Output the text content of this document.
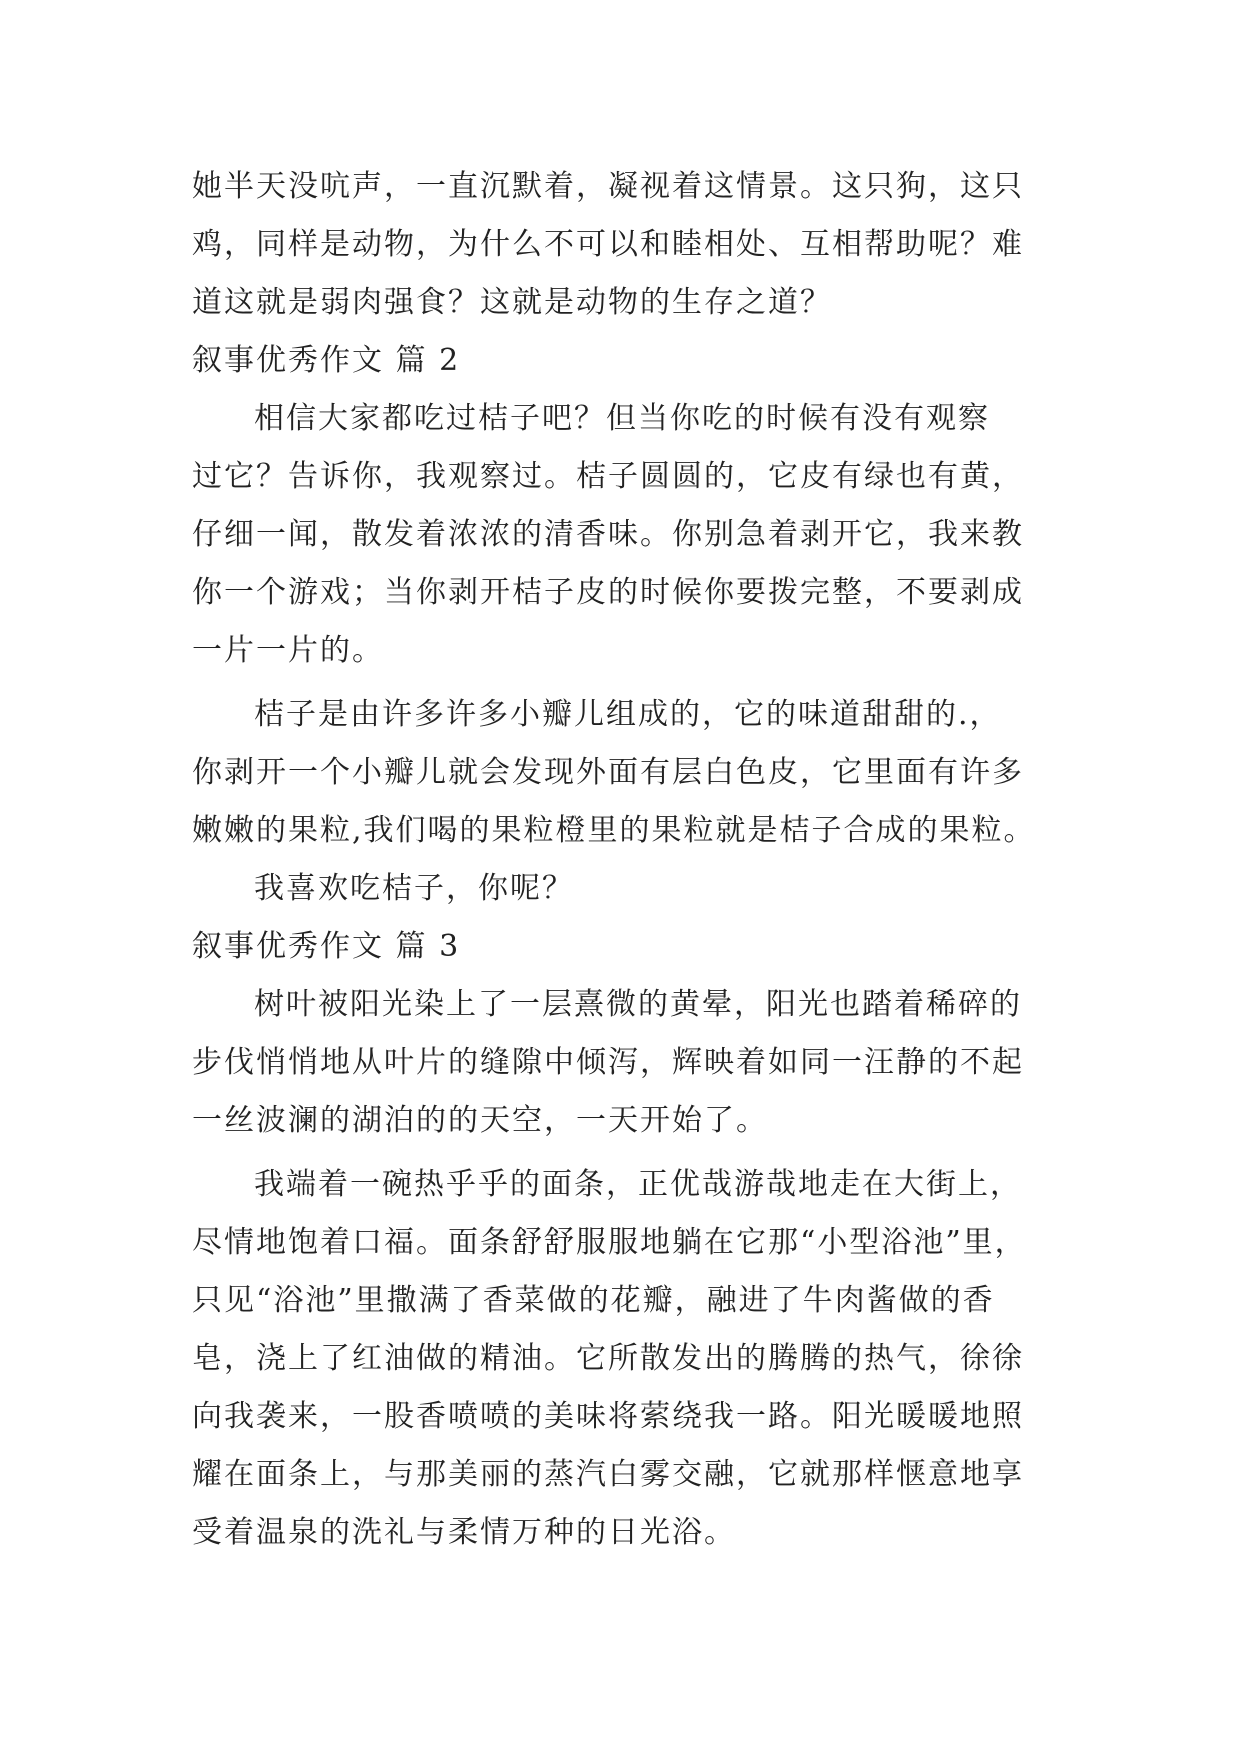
她半天没吭声，一直沉默着，凝视着这情景。这只狗，这只
鸡，同样是动物，为什么不可以和睦相处、互相帮助呢？难
道这就是弱肉强食？这就是动物的生存之道？
叙事优秀作文 篇 2
相信大家都吃过桔子吧？但当你吃的时候有没有观察
过它？告诉你，我观察过。桔子圆圆的，它皮有绿也有黄，
仔细一闻，散发着浓浓的清香味。你别急着剥开它，我来教
你一个游戏；当你剥开桔子皮的时候你要拨完整，不要剥成
一片一片的。
桔子是由许多许多小瓣儿组成的，它的味道甜甜的.，
你剥开一个小瓣儿就会发现外面有层白色皮，它里面有许多
嫩嫩的果粒,我们喝的果粒橙里的果粒就是桔子合成的果粒。
我喜欢吃桔子，你呢？
叙事优秀作文 篇 3
树叶被阳光染上了一层熹微的黄晕，阳光也踏着稀碎的
步伐悄悄地从叶片的缝隙中倾泻，辉映着如同一汪静的不起
一丝波澜的湖泊的的天空，一天开始了。
我端着一碗热乎乎的面条，正优哉游哉地走在大街上，
尽情地饱着口福。面条舒舒服服地躺在它那“小型浴池”里，
只见“浴池”里撒满了香菜做的花瓣，融进了牛肉酱做的香
皂，浇上了红油做的精油。它所散发出的腾腾的热气，徐徐
向我袭来，一股香喷喷的美味将萦绕我一路。阳光暖暖地照
耀在面条上，与那美丽的蒸汽白雾交融，它就那样惬意地享
受着温泉的洗礼与柔情万种的日光浴。
